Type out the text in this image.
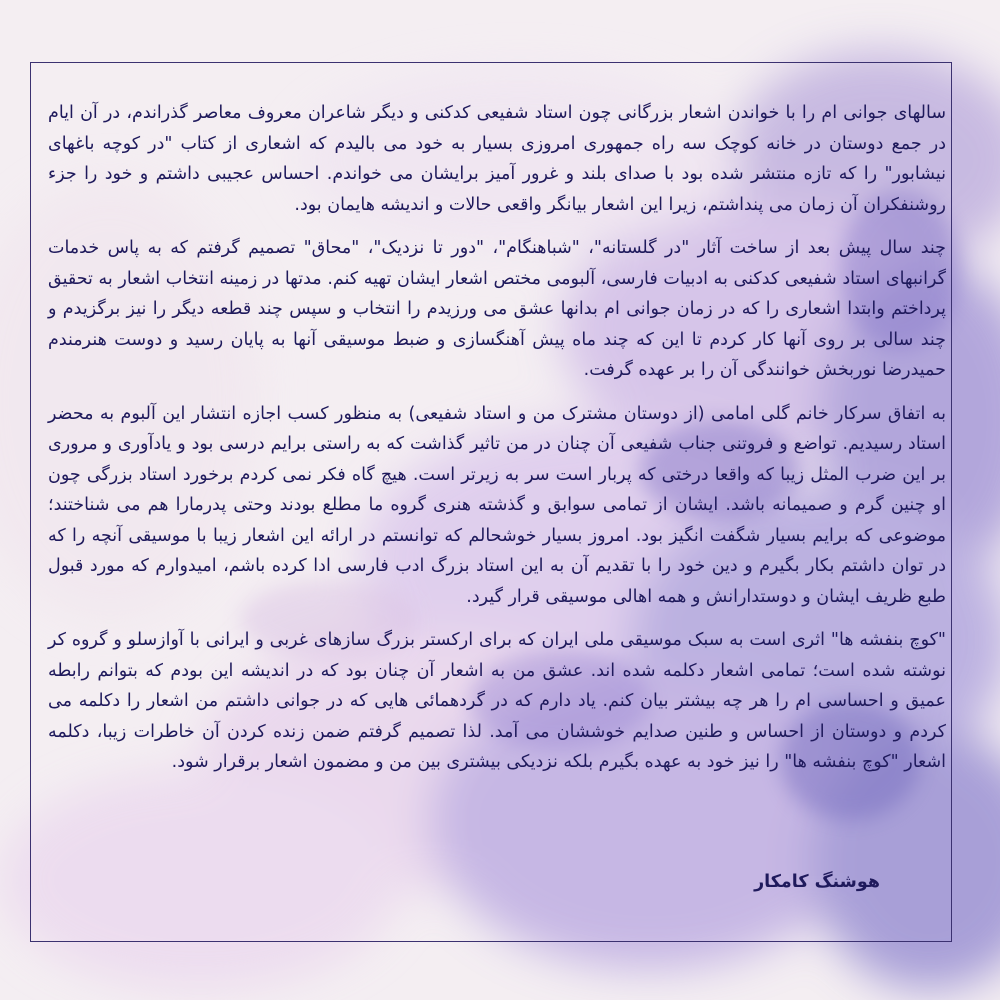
سالهای جوانی ام را با خواندن اشعار بزرگانی چون استاد شفیعی کدکنی و دیگر شاعران معروف معاصر گذراندم، در آن ایام در جمع دوستان در خانه کوچک سه راه جمهوری امروزی بسیار به خود می بالیدم که اشعاری از کتاب "در کوچه باغهای نیشابور" را که تازه منتشر شده بود با صدای بلند و غرور آمیز برایشان می خواندم. احساس عجیبی داشتم و خود را جزء روشنفکران آن زمان می پنداشتم، زیرا این اشعار بیانگر واقعی حالات و اندیشه هایمان بود.

چند سال پیش بعد از ساخت آثار "در گلستانه"، "شباهنگام"، "دور تا نزدیک"، "محاق" تصمیم گرفتم که به پاس خدمات گرانبهای استاد شفیعی کدکنی به ادبیات فارسی، آلبومی مختص اشعار ایشان تهیه کنم. مدتها در زمینه انتخاب اشعار به تحقیق پرداختم وابتدا اشعاری را که در زمان جوانی ام بدانها عشق می ورزیدم را انتخاب و سپس چند قطعه دیگر را نیز برگزیدم و چند سالی بر روی آنها کار کردم تا این که چند ماه پیش آهنگسازی و ضبط موسیقی آنها به پایان رسید و دوست هنرمندم حمیدرضا نوربخش خوانندگی آن را بر عهده گرفت.

به اتفاق سرکار خانم گلی امامی (از دوستان مشترک من و استاد شفیعی) به منظور کسب اجازه انتشار این آلبوم به محضر استاد رسیدیم. تواضع و فروتنی جناب شفیعی آن چنان در من تاثیر گذاشت که به راستی برایم درسی بود و یادآوری و مروری بر این ضرب المثل زیبا که واقعا درختی که پربار است سر به زیرتر است. هیچ گاه فکر نمی کردم برخورد استاد بزرگی چون او چنین گرم و صمیمانه باشد. ایشان از تمامی سوابق و گذشته هنری گروه ما مطلع بودند وحتی پدرمارا هم می شناختند؛ موضوعی که برایم بسیار شگفت انگیز بود. امروز بسیار خوشحالم که توانستم در ارائه این اشعار زیبا با موسیقی آنچه را که در توان داشتم بکار بگیرم و دین خود را با تقدیم آن به این استاد بزرگ ادب فارسی ادا کرده باشم، امیدوارم که مورد قبول طبع ظریف ایشان و دوستدارانش و همه اهالی موسیقی قرار گیرد.

"کوچ بنفشه ها" اثری است به سبک موسیقی ملی ایران که برای ارکستر بزرگ سازهای غربی و ایرانی با آوازسلو و گروه کر نوشته شده است؛ تمامی اشعار دکلمه شده اند. عشق من به اشعار آن چنان بود که در اندیشه این بودم که بتوانم رابطه عمیق و احساسی ام را هر چه بیشتر بیان کنم. یاد دارم که در گردهمائی هایی که در جوانی داشتم من اشعار را دکلمه می کردم و دوستان از احساس و طنین صدایم خوششان می آمد. لذا تصمیم گرفتم ضمن زنده کردن آن خاطرات زیبا، دکلمه اشعار "کوچ بنفشه ها" را نیز خود به عهده بگیرم بلکه نزدیکی بیشتری بین من و مضمون اشعار برقرار شود.

هوشنگ کامکار
